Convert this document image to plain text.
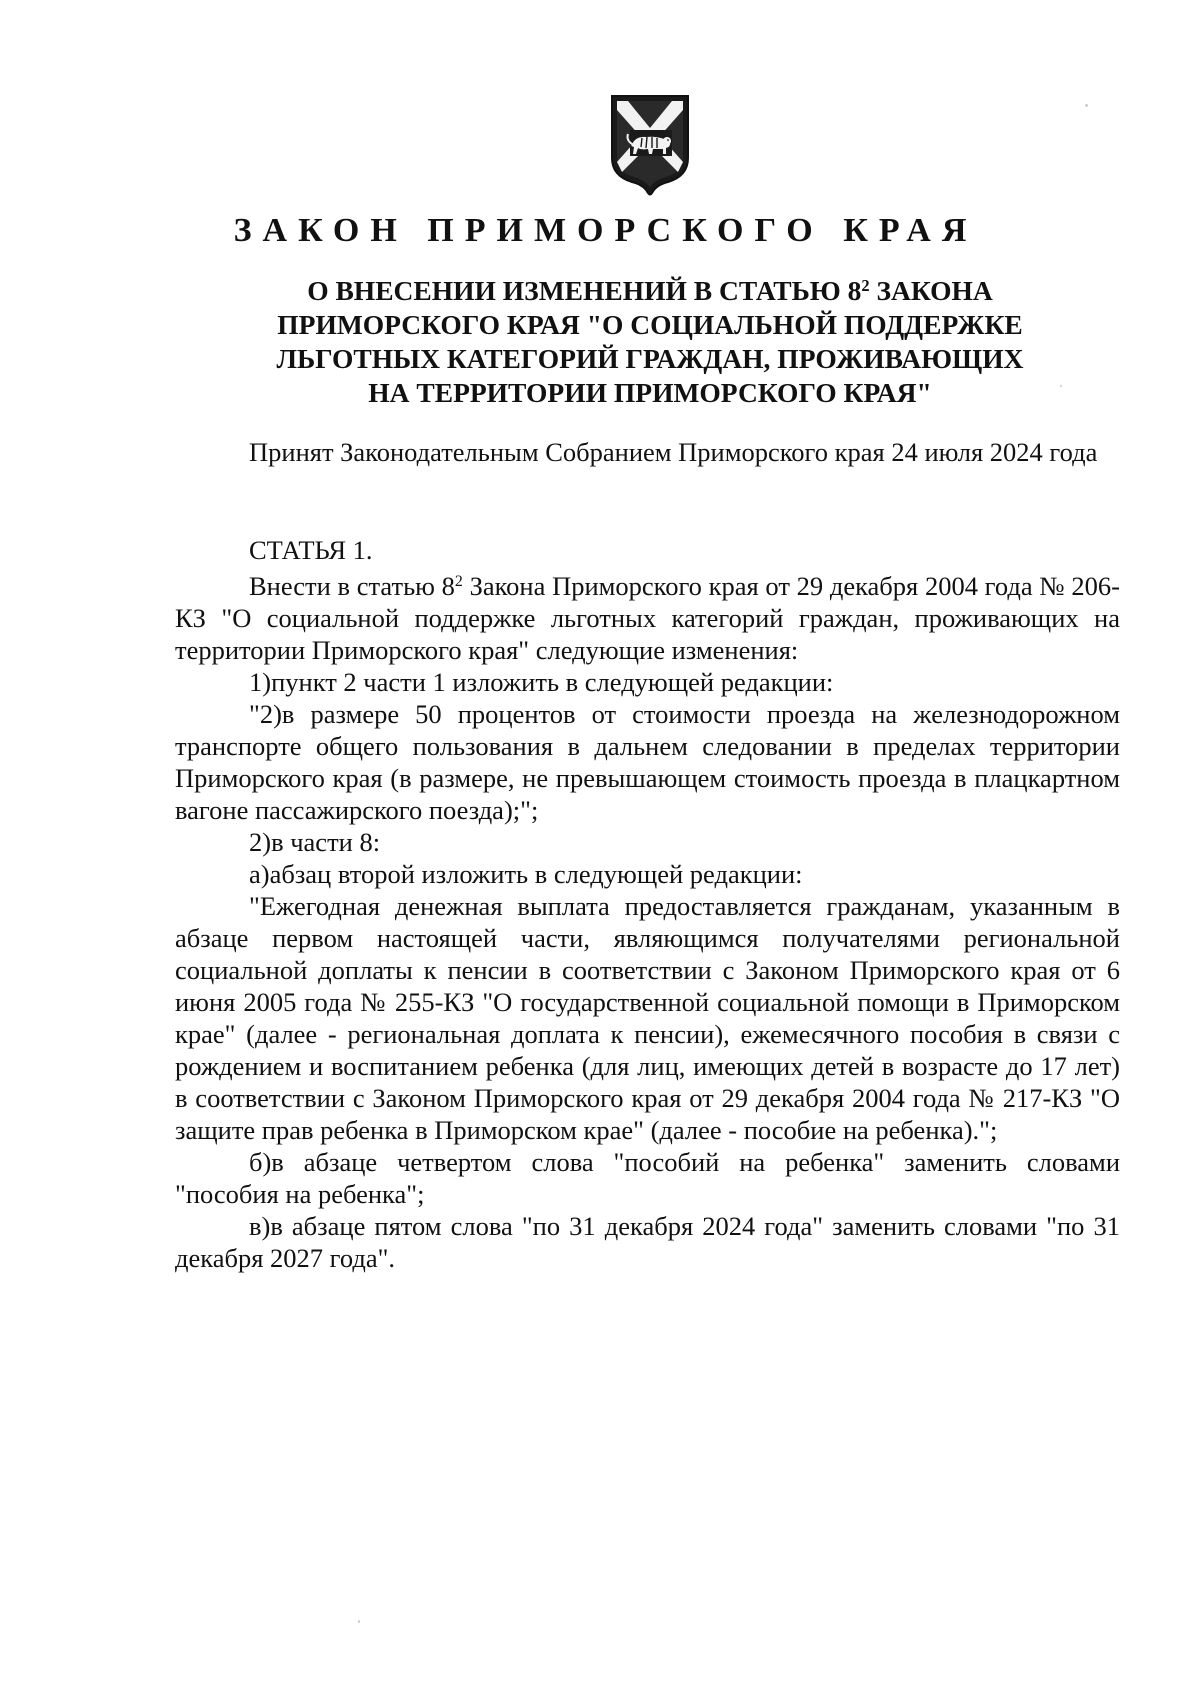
ЗАКОН ПРИМОРСКОГО КРАЯ
О ВНЕСЕНИИ ИЗМЕНЕНИЙ В СТАТЬЮ $8^2$ ЗАКОНА
ПРИМОРСКОГО КРАЯ "О СОЦИАЛЬНОЙ ПОДДЕРЖКЕ
ЛЬГОТНЫХ КАТЕГОРИЙ ГРАЖДАН, ПРОЖИВАЮЩИХ
НА ТЕРРИТОРИИ ПРИМОРСКОГО КРАЯ"
Принят Законодательным Собранием Приморского края 24 июля 2024 года
СТАТЬЯ 1.
Внести в статью $8^2$ Закона Приморского края от 29 декабря 2004 года № 206-КЗ "О социальной поддержке льготных категорий граждан, проживающих на территории Приморского края" следующие изменения:
1)пункт 2 части 1 изложить в следующей редакции:
"2)в размере 50 процентов от стоимости проезда на железнодорожном транспорте общего пользования в дальнем следовании в пределах территории Приморского края (в размере, не превышающем стоимость проезда в плацкартном вагоне пассажирского поезда);";
2)в части 8:
а)абзац второй изложить в следующей редакции:
"Ежегодная денежная выплата предоставляется гражданам, указанным в абзаце первом настоящей части, являющимся получателями региональной социальной доплаты к пенсии в соответствии с Законом Приморского края от 6 июня 2005 года № 255-КЗ "О государственной социальной помощи в Приморском крае" (далее - региональная доплата к пенсии), ежемесячного пособия в связи с рождением и воспитанием ребенка (для лиц, имеющих детей в возрасте до 17 лет) в соответствии с Законом Приморского края от 29 декабря 2004 года № 217-КЗ "О защите прав ребенка в Приморском крае" (далее - пособие на ребенка).";
б)в абзаце четвертом слова "пособий на ребенка" заменить словами "пособия на ребенка";
в)в абзаце пятом слова "по 31 декабря 2024 года" заменить словами "по 31 декабря 2027 года".
